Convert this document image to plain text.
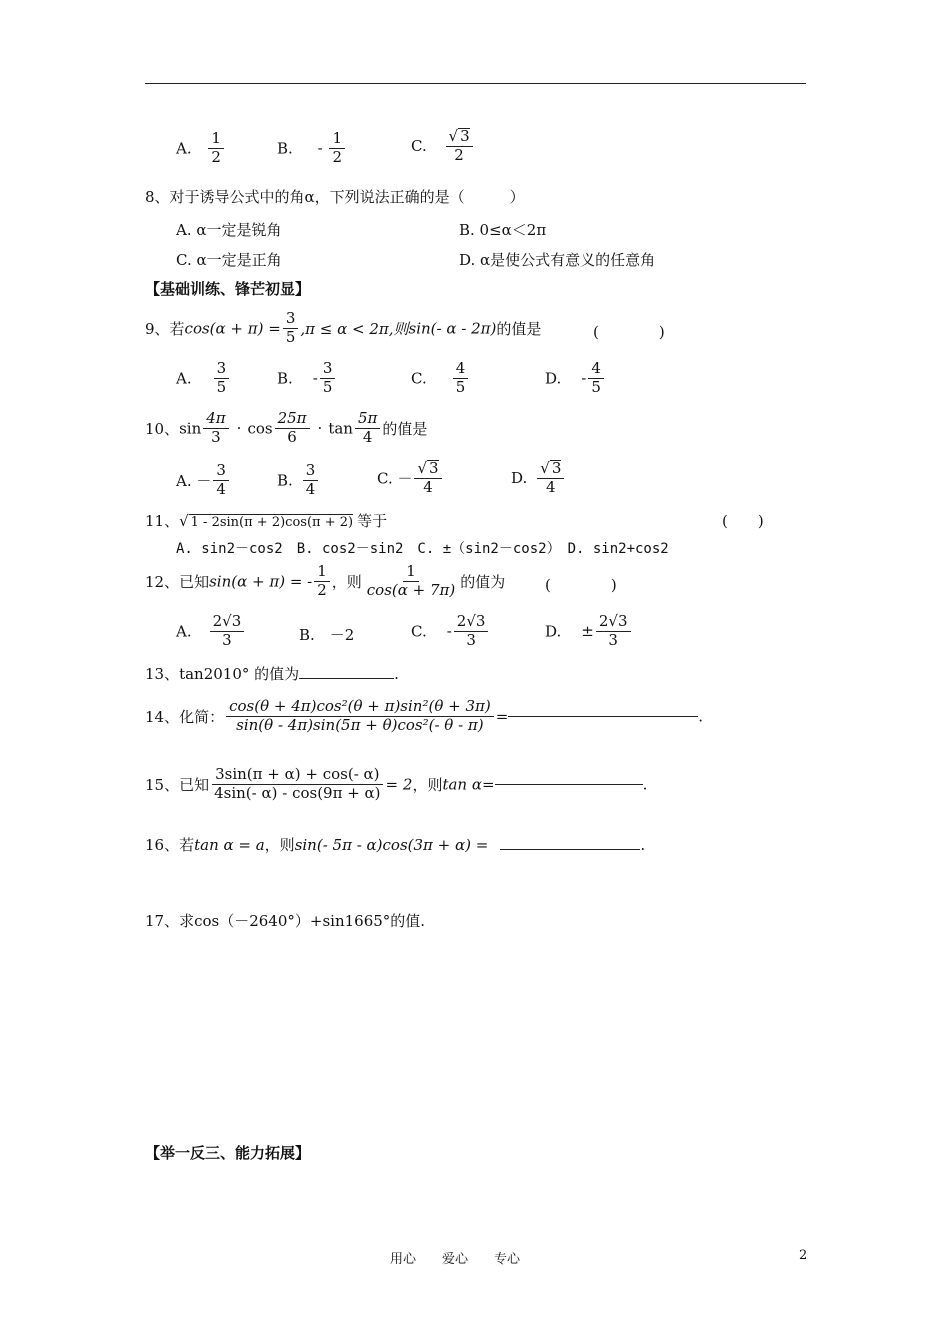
A. $\frac{1}{2}$	B. - $\frac{1}{2}$	C. $\frac{√ 3}{2}$
8、对于诱导公式中的角α，下列说法正确的是（　　　）
A. α一定是锐角	B. 0≤α＜2π
C. α一定是正角	D. α是使公式有意义的任意角
【基础训练、锋芒初显】
9、若$\cos(\alpha + \pi) = \frac{3}{5} ,\pi \le \alpha < 2\pi$,则sin(- α - 2π)的值是	(　　　　)
A. $\frac{3}{5}$	B. - $\frac{3}{5}$	C. $\frac{4}{5}$	D. - $\frac{4}{5}$
10、$\sin \frac{4\pi}{3} \cdot \cos \frac{25\pi}{6} \cdot \tan \frac{5\pi}{4}$ 的值是
A. － $\frac{3}{4}$	B. $\frac{3}{4}$	C. － $\frac{√ 3}{4}$	D. $\frac{√ 3}{4}$
11、√ 1 - 2sin(π + 2)cos(π + 2) 等于	(　　)
A. sin2－cos2　B. cos2－sin2　C. ±（sin2－cos2）　D. sin2+cos2
12、已知sin(α + π) = - $\frac{1}{2}$ ，则 $\frac{1}{\cos(\alpha + 7\pi)}$ 的值为	(　　　　)
A. $\frac{2√3}{3}$	B.　－2	C. - $\frac{2√3}{3}$	D. ± $\frac{2√3}{3}$
13、tan2010° 的值为	.
14、化简： $\frac{\text{cos(θ + 4π)cos²(θ + π)sin²(θ + 3π)}}{\text{sin(θ - 4π)sin(5π + θ)cos²(- θ - π)}}$ =	.
15、已知 $\frac{3\sin(\pi + \alpha) + \cos(- \alpha)}{4\sin(- \alpha) - \cos(9\pi + \alpha)} = 2$，则tan α=	.
16、若tan α = a，则sin(- 5π - α)cos(3π + α) =	.
17、求cos（－2640°）+sin1665°的值.
【举一反三、能力拓展】
用心　　爱心　　专心	2
